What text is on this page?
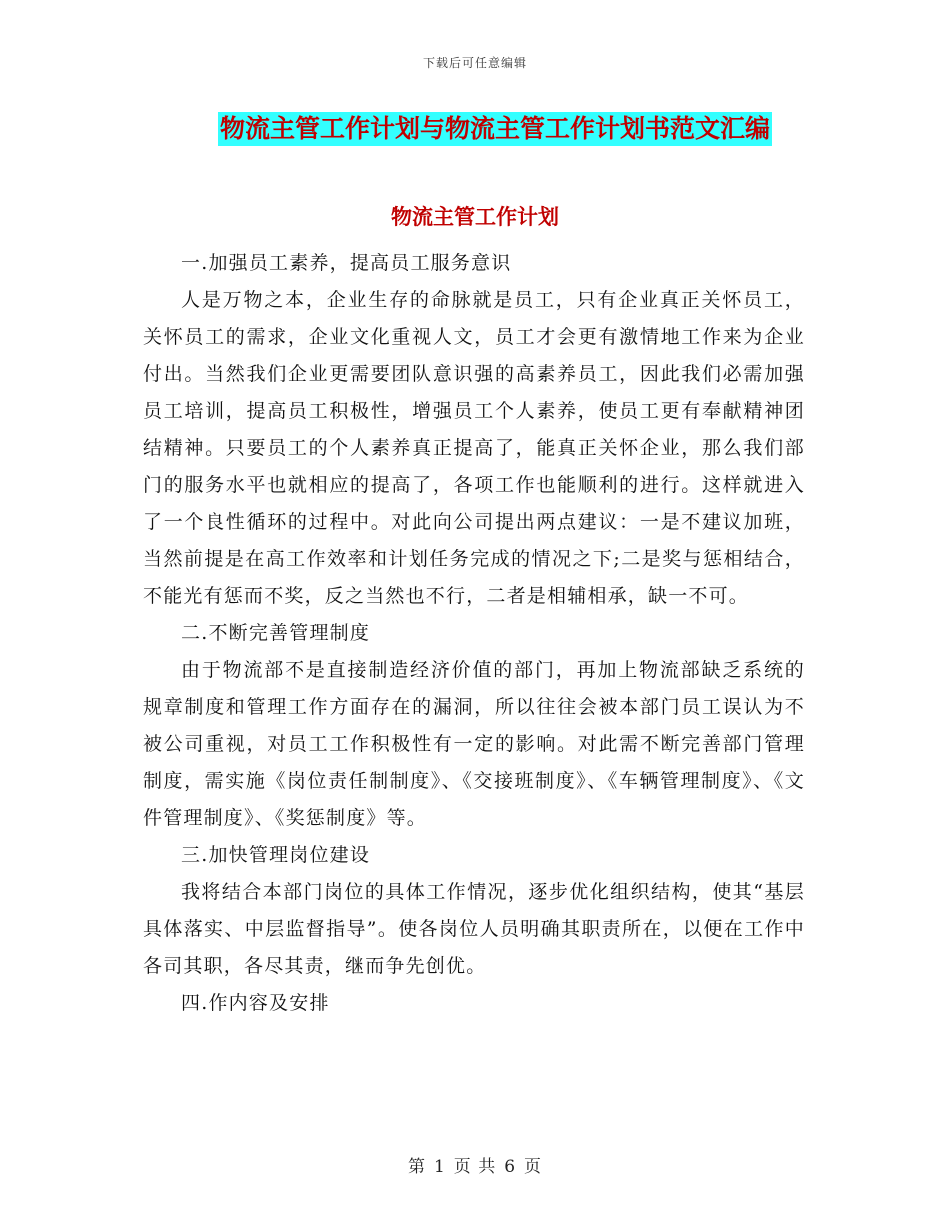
下载后可任意编辑
物流主管工作计划与物流主管工作计划书范文汇编
物流主管工作计划

一.加强员工素养，提高员工服务意识

人是万物之本，企业生存的命脉就是员工，只有企业真正关怀员工，关怀员工的需求，企业文化重视人文，员工才会更有激情地工作来为企业付出。当然我们企业更需要团队意识强的高素养员工，因此我们必需加强员工培训，提高员工积极性，增强员工个人素养，使员工更有奉献精神团结精神。只要员工的个人素养真正提高了，能真正关怀企业，那么我们部门的服务水平也就相应的提高了，各项工作也能顺利的进行。这样就进入了一个良性循环的过程中。对此向公司提出两点建议：一是不建议加班，当然前提是在高工作效率和计划任务完成的情况之下;二是奖与惩相结合，不能光有惩而不奖，反之当然也不行，二者是相辅相承，缺一不可。

二.不断完善管理制度

由于物流部不是直接制造经济价值的部门，再加上物流部缺乏系统的规章制度和管理工作方面存在的漏洞，所以往往会被本部门员工误认为不被公司重视，对员工工作积极性有一定的影响。对此需不断完善部门管理制度，需实施《岗位责任制制度》、《交接班制度》、《车辆管理制度》、《文件管理制度》、《奖惩制度》等。

三.加快管理岗位建设

我将结合本部门岗位的具体工作情况，逐步优化组织结构，使其“基层具体落实、中层监督指导”。使各岗位人员明确其职责所在，以便在工作中各司其职，各尽其责，继而争先创优。

四.作内容及安排

第 1 页 共 6 页
